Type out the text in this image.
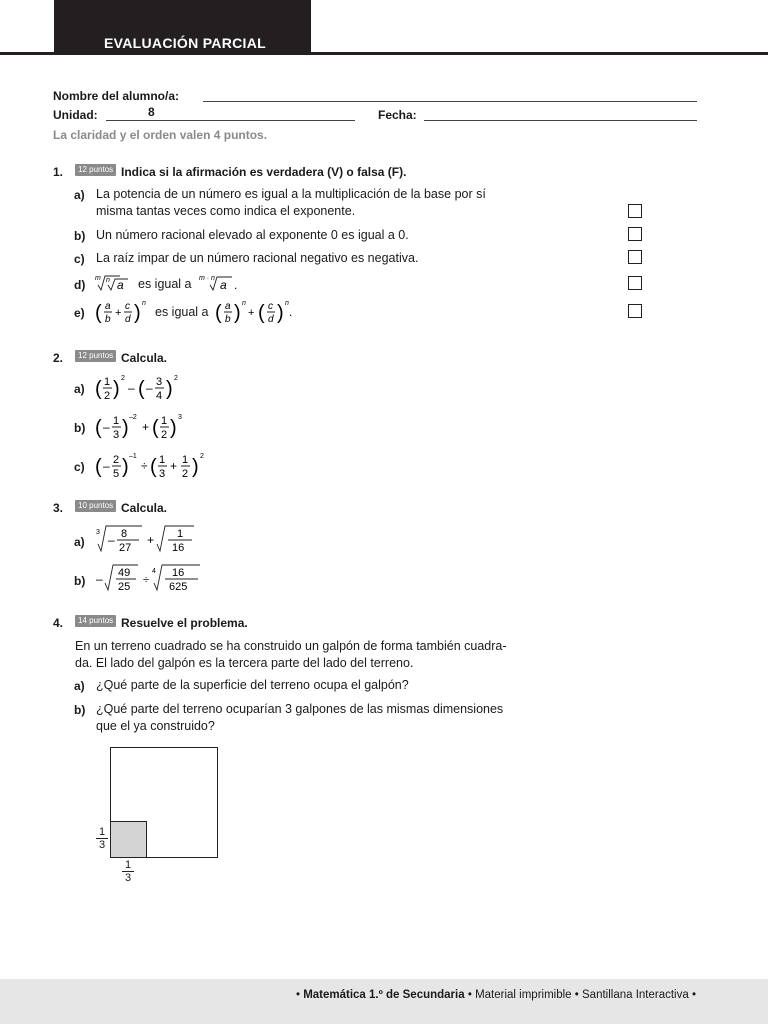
EVALUACIÓN PARCIAL
Nombre del alumno/a:
Unidad:	8	Fecha:
La claridad y el orden valen 4 puntos.
1.	12 puntos Indica si la afirmación es verdadera (V) o falsa (F).
a) La potencia de un número es igual a la multiplicación de la base por sí
misma tantas veces como indica el exponente.
b) Un número racional elevado al exponente 0 es igual a 0.
c) La raíz impar de un número racional negativo es negativa.
d) m n a es igual a m · n a .
e) ( a
b
+
c
d ) n
es igual a ( a
b ) n
+ ( c
d ) n
.
2.	12 puntos Calcula.
a) ( 1
2 ) 2
– ( – 3
4 ) 2
b) ( – 1
3 ) –2
+ ( 1
2 ) 3
c) ( – 2
5 ) –1
÷ ( 1
3
+ 1
2 ) 2
3.	10 puntos Calcula.
a)
3
– 8
27
+ 1
16
b) – 49
25
÷
4 16
625
4.	14 puntos Resuelve el problema.
En un terreno cuadrado se ha construido un galpón de forma también cuadra-
da. El lado del galpón es la tercera parte del lado del terreno.
a) ¿Qué parte de la superficie del terreno ocupa el galpón?
b) ¿Qué parte del terreno ocuparían 3 galpones de las mismas dimensiones
que el ya construido?
$\frac{1}{3}$
$\frac{1}{3}$
• Matemática 1.º de Secundaria • Material imprimible • Santillana Interactiva •
